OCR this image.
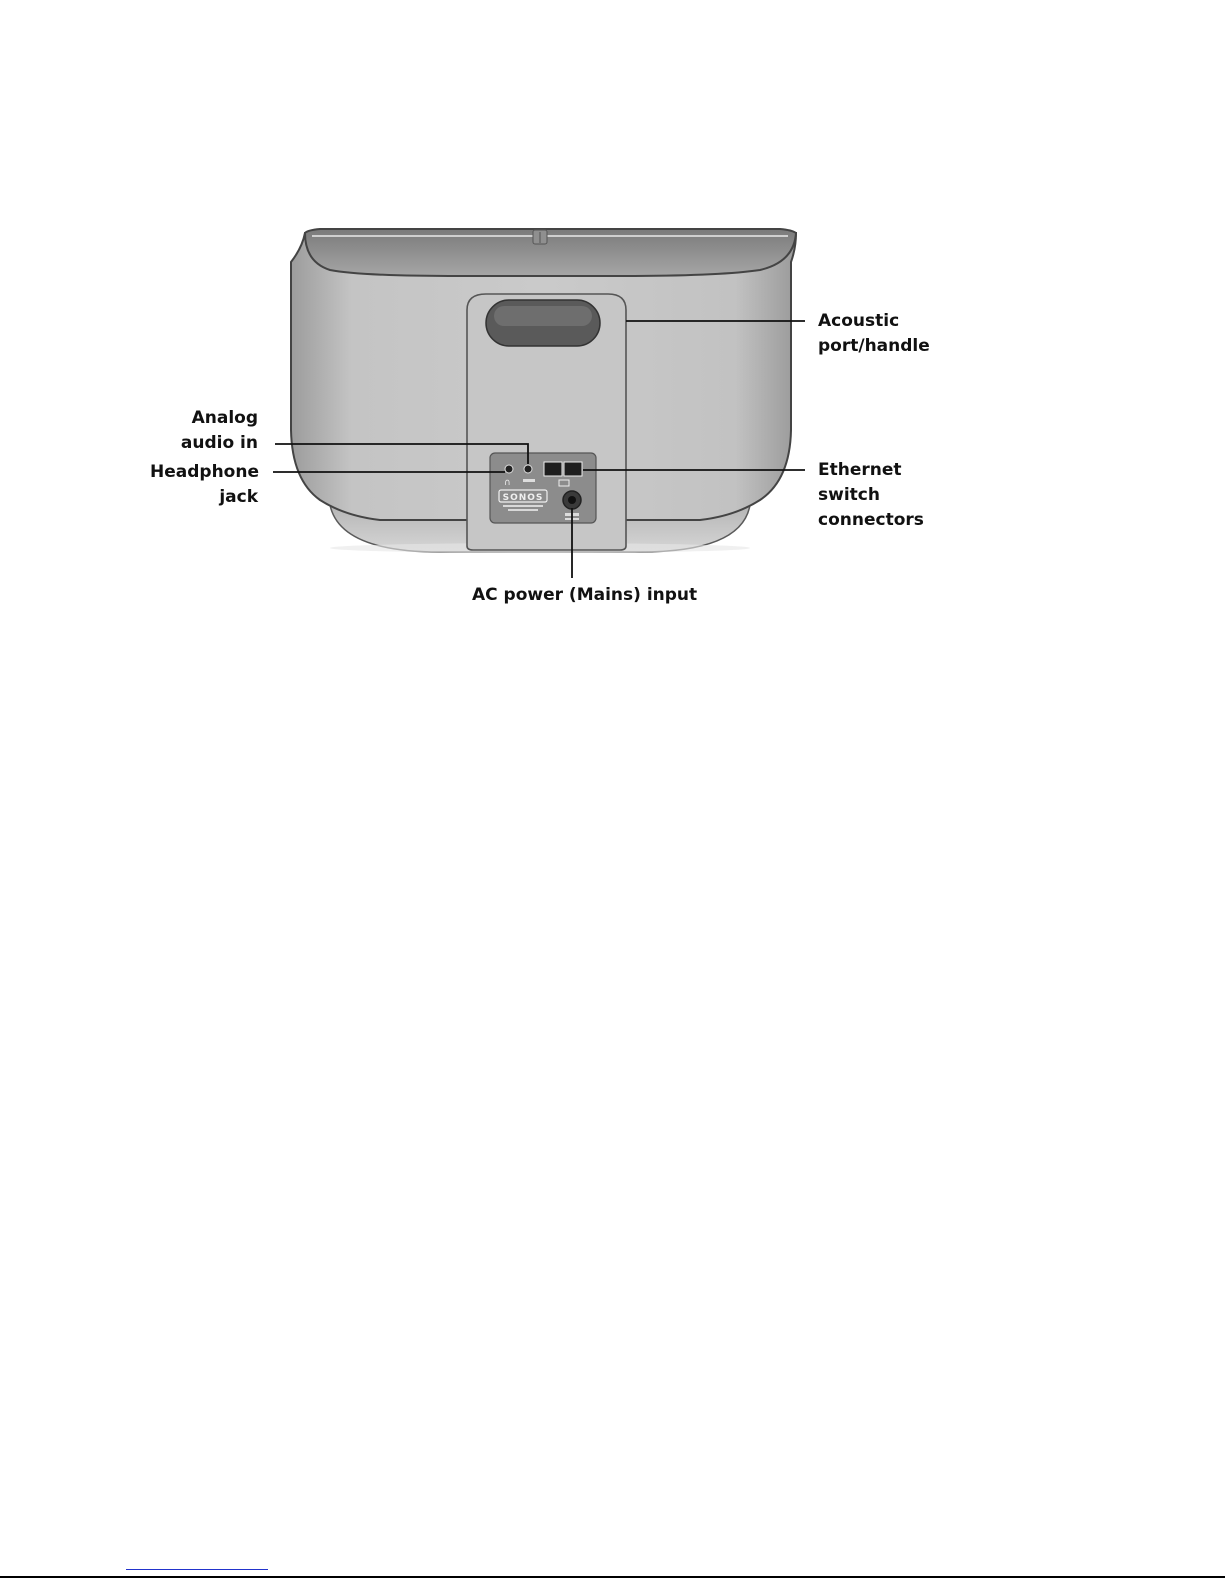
∩
SONOS
Acoustic
port/handle
Analog
audio in
Headphone
jack
Ethernet
switch
connectors
AC power (Mains) input
